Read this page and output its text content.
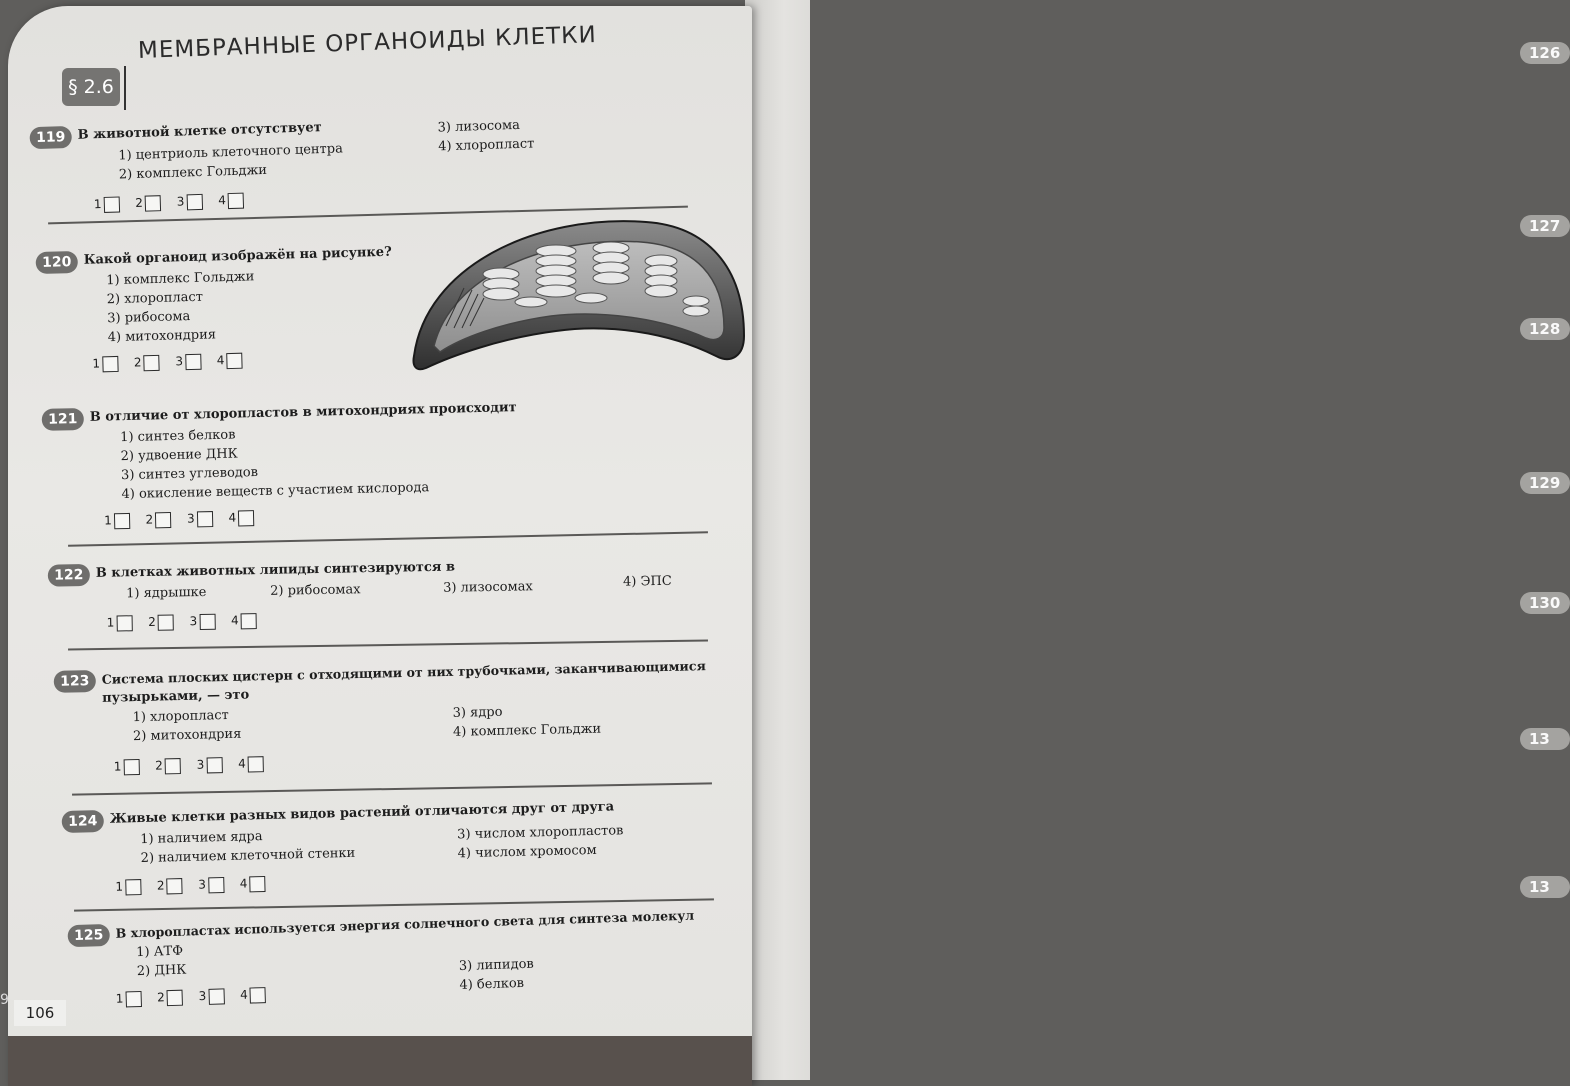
126
127
128
129
130
13
13
§ 2.6
МЕМБРАННЫЕ ОРГАНОИДЫ КЛЕТКИ
119 В животной клетке отсутствует
1) центриоль клеточного центра
2) комплекс Гольджи
3) лизосома
4) хлоропласт
1	2	3	4
120 Какой органоид изображён на рисунке?
1) комплекс Гольджи
2) хлоропласт
3) рибосома
4) митохондрия
1	2	3	4
121 В отличие от хлоропластов в митохондриях происходит
1) синтез белков
2) удвоение ДНК
3) синтез углеводов
4) окисление веществ с участием кислорода
1	2	3	4
122 В клетках животных липиды синтезируются в
1) ядрышке	2) рибосомах	3) лизосомах	4) ЭПС
1	2	3	4
123 Система плоских цистерн с отходящими от них трубочками, заканчивающимися
пузырьками, — это
1) хлоропласт
2) митохондрия
3) ядро
4) комплекс Гольджи
1	2	3	4
124 Живые клетки разных видов растений отличаются друг от друга
1) наличием ядра
2) наличием клеточной стенки
3) числом хлоропластов
4) числом хромосом
1	2	3	4
125 В хлоропластах используется энергия солнечного света для синтеза молекул
1) АТФ
2) ДНК	3) липидов
4) белков
1	2	3	4
9
106
